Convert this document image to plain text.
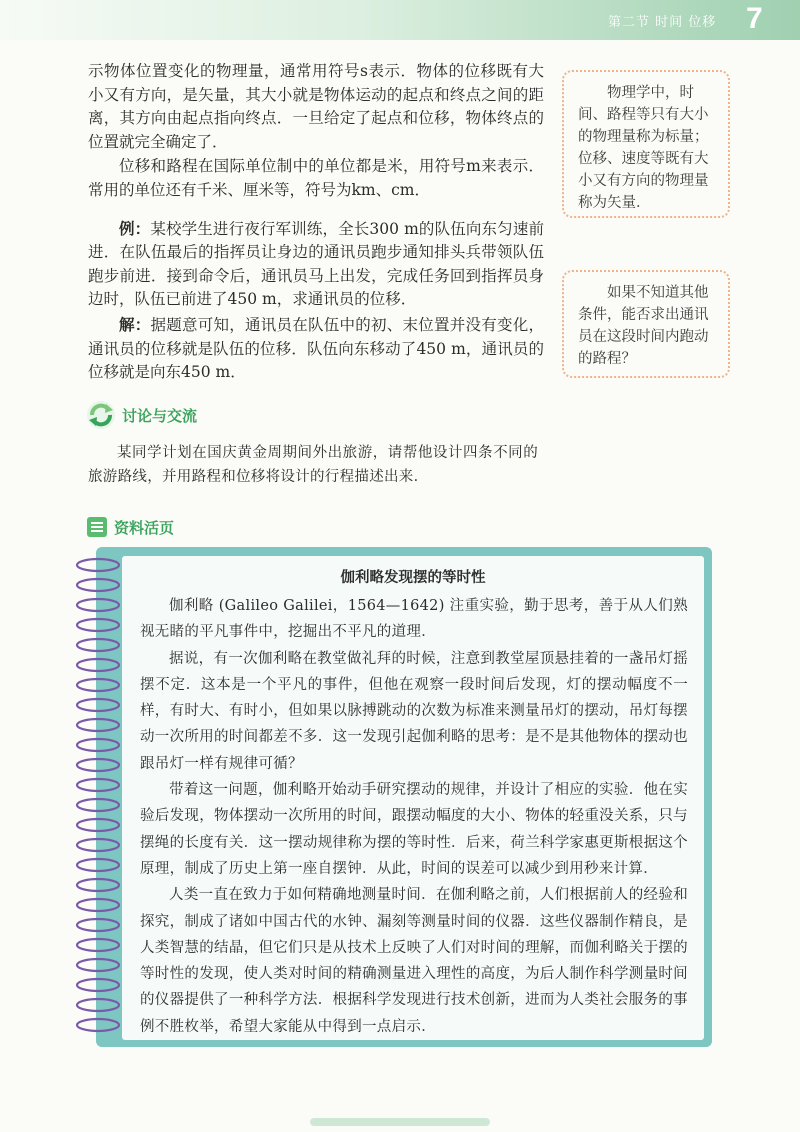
第二节 时间 位移 7

示物体位置变化的物理量，通常用符号s表示．物体的位移既有大小又有方向，是矢量，其大小就是物体运动的起点和终点之间的距离，其方向由起点指向终点．一旦给定了起点和位移，物体终点的位置就完全确定了．

位移和路程在国际单位制中的单位都是米，用符号m来表示．常用的单位还有千米、厘米等，符号为km、cm．

例：某校学生进行夜行军训练，全长300 m的队伍向东匀速前进．在队伍最后的指挥员让身边的通讯员跑步通知排头兵带领队伍跑步前进．接到命令后，通讯员马上出发，完成任务回到指挥员身边时，队伍已前进了450 m，求通讯员的位移．

解：据题意可知，通讯员在队伍中的初、末位置并没有变化，通讯员的位移就是队伍的位移．队伍向东移动了450 m，通讯员的位移就是向东450 m．

物理学中，时间、路程等只有大小的物理量称为标量；位移、速度等既有大小又有方向的物理量称为矢量．

如果不知道其他条件，能否求出通讯员在这段时间内跑动的路程？

讨论与交流

某同学计划在国庆黄金周期间外出旅游，请帮他设计四条不同的旅游路线，并用路程和位移将设计的行程描述出来．

资料活页
伽利略发现摆的等时性

伽利略 (Galileo Galilei，1564—1642) 注重实验，勤于思考，善于从人们熟视无睹的平凡事件中，挖掘出不平凡的道理．

据说，有一次伽利略在教堂做礼拜的时候，注意到教堂屋顶悬挂着的一盏吊灯摇摆不定．这本是一个平凡的事件，但他在观察一段时间后发现，灯的摆动幅度不一样，有时大、有时小，但如果以脉搏跳动的次数为标准来测量吊灯的摆动，吊灯每摆动一次所用的时间都差不多．这一发现引起伽利略的思考：是不是其他物体的摆动也跟吊灯一样有规律可循？

带着这一问题，伽利略开始动手研究摆动的规律，并设计了相应的实验．他在实验后发现，物体摆动一次所用的时间，跟摆动幅度的大小、物体的轻重没关系，只与摆绳的长度有关．这一摆动规律称为摆的等时性．后来，荷兰科学家惠更斯根据这个原理，制成了历史上第一座自摆钟．从此，时间的误差可以减少到用秒来计算．

人类一直在致力于如何精确地测量时间．在伽利略之前，人们根据前人的经验和探究，制成了诸如中国古代的水钟、漏刻等测量时间的仪器．这些仪器制作精良，是人类智慧的结晶，但它们只是从技术上反映了人们对时间的理解，而伽利略关于摆的等时性的发现，使人类对时间的精确测量进入理性的高度，为后人制作科学测量时间的仪器提供了一种科学方法．根据科学发现进行技术创新，进而为人类社会服务的事例不胜枚举，希望大家能从中得到一点启示．
